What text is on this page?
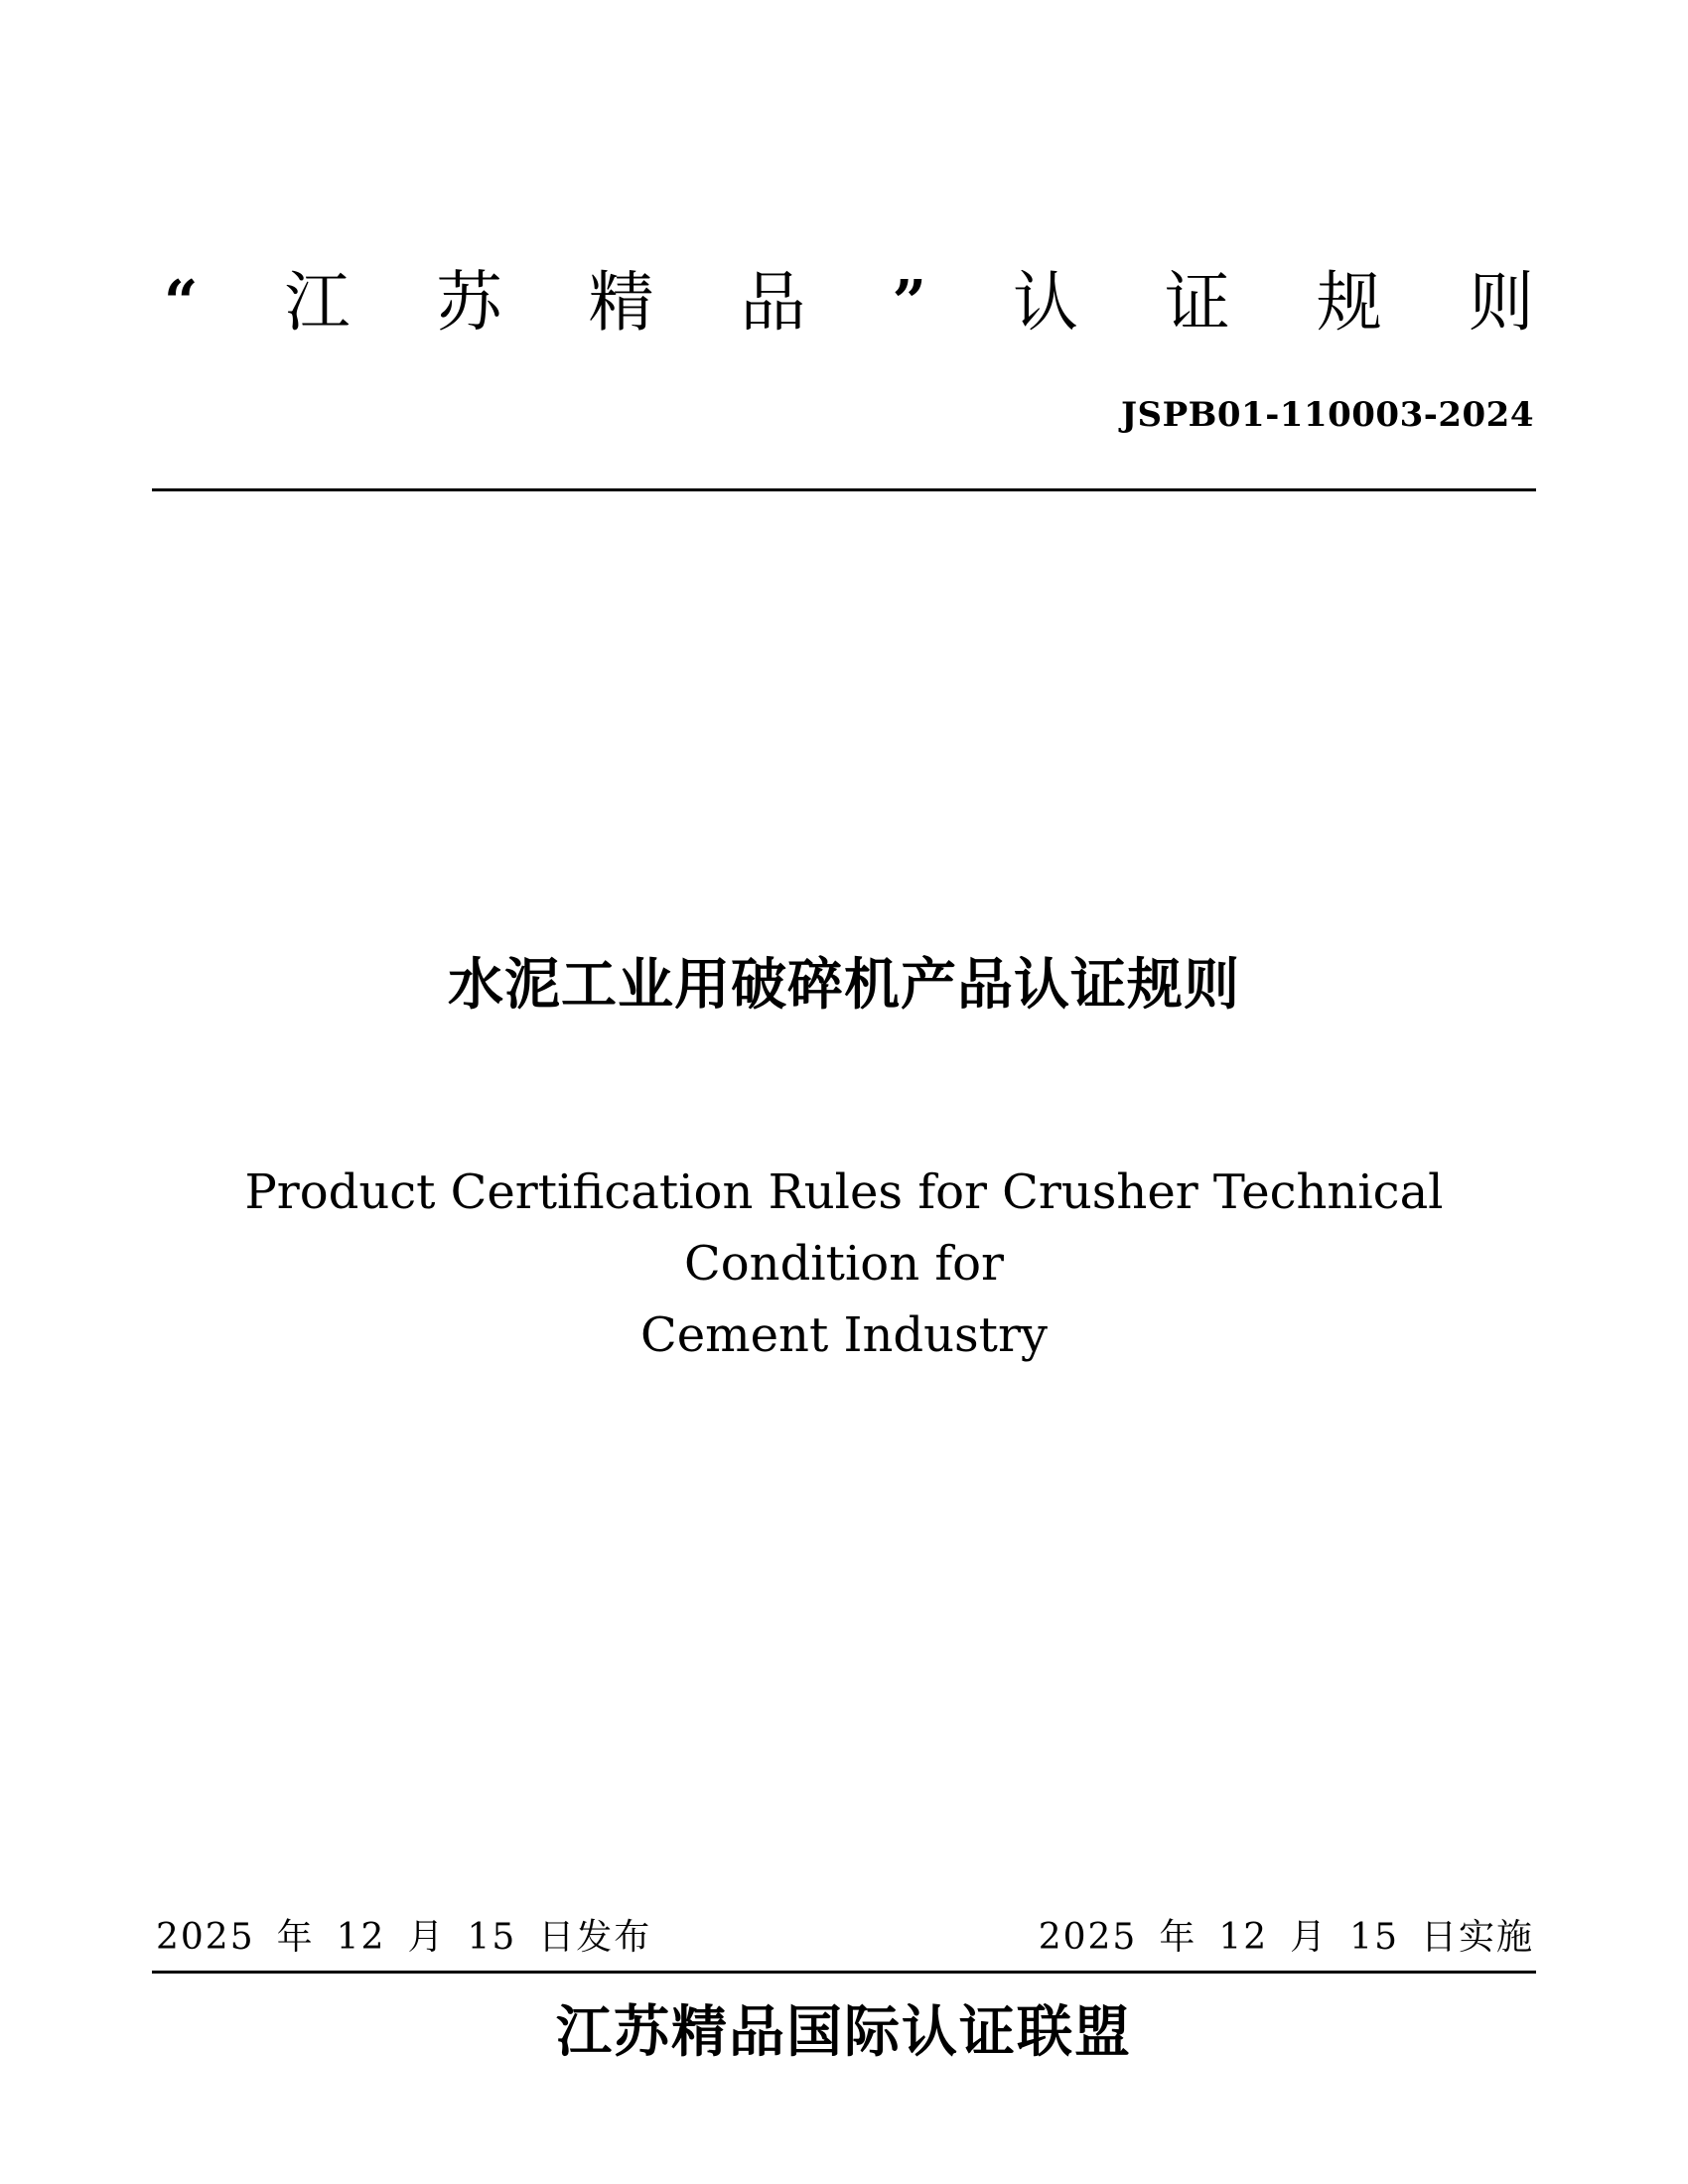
“ 江 苏 精 品 ” 认 证 规 则
JSPB01-110003-2024
水泥工业用破碎机产品认证规则
Product Certification Rules for Crusher Technical Condition for
Cement Industry
2025 年 12 月 15 日发布	2025 年 12 月 15 日实施
江苏精品国际认证联盟
